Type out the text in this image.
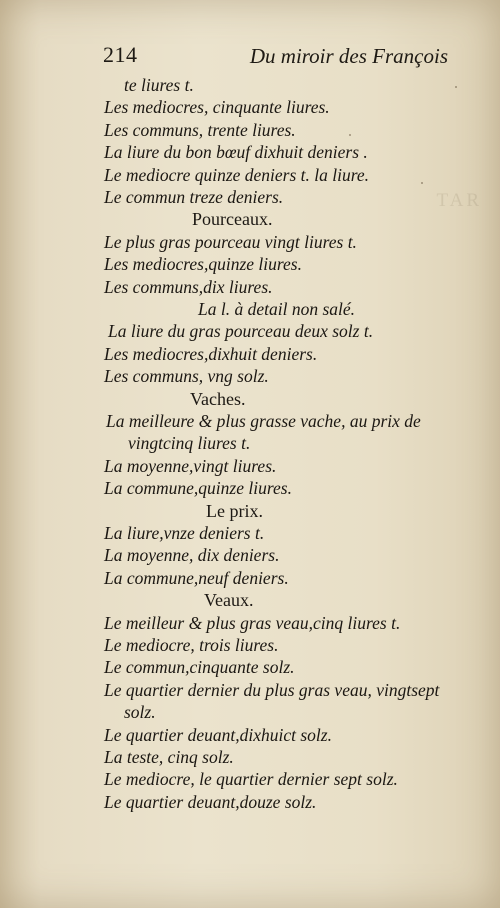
214	Du miroir des François
TAR
te liures t.
Les mediocres, cinquante liures.
Les communs, trente liures.
La liure du bon bœuf dixhuit deniers .
Le mediocre quinze deniers t. la liure.
Le commun treze deniers.
Pourceaux.
Le plus gras pourceau vingt liures t.
Les mediocres,quinze liures.
Les communs,dix liures.
La l. à detail non salé.
La liure du gras pourceau deux solz t.
Les mediocres,dixhuit deniers.
Les communs, vng solz.
Vaches.
La meilleure & plus grasse vache, au prix de
vingtcinq liures t.
La moyenne,vingt liures.
La commune,quinze liures.
Le prix.
La liure,vnze deniers t.
La moyenne, dix deniers.
La commune,neuf deniers.
Veaux.
Le meilleur & plus gras veau,cinq liures t.
Le mediocre, trois liures.
Le commun,cinquante solz.
Le quartier dernier du plus gras veau, vingtsept
solz.
Le quartier deuant,dixhuict solz.
La teste, cinq solz.
Le mediocre, le quartier dernier sept solz.
Le quartier deuant,douze solz.
